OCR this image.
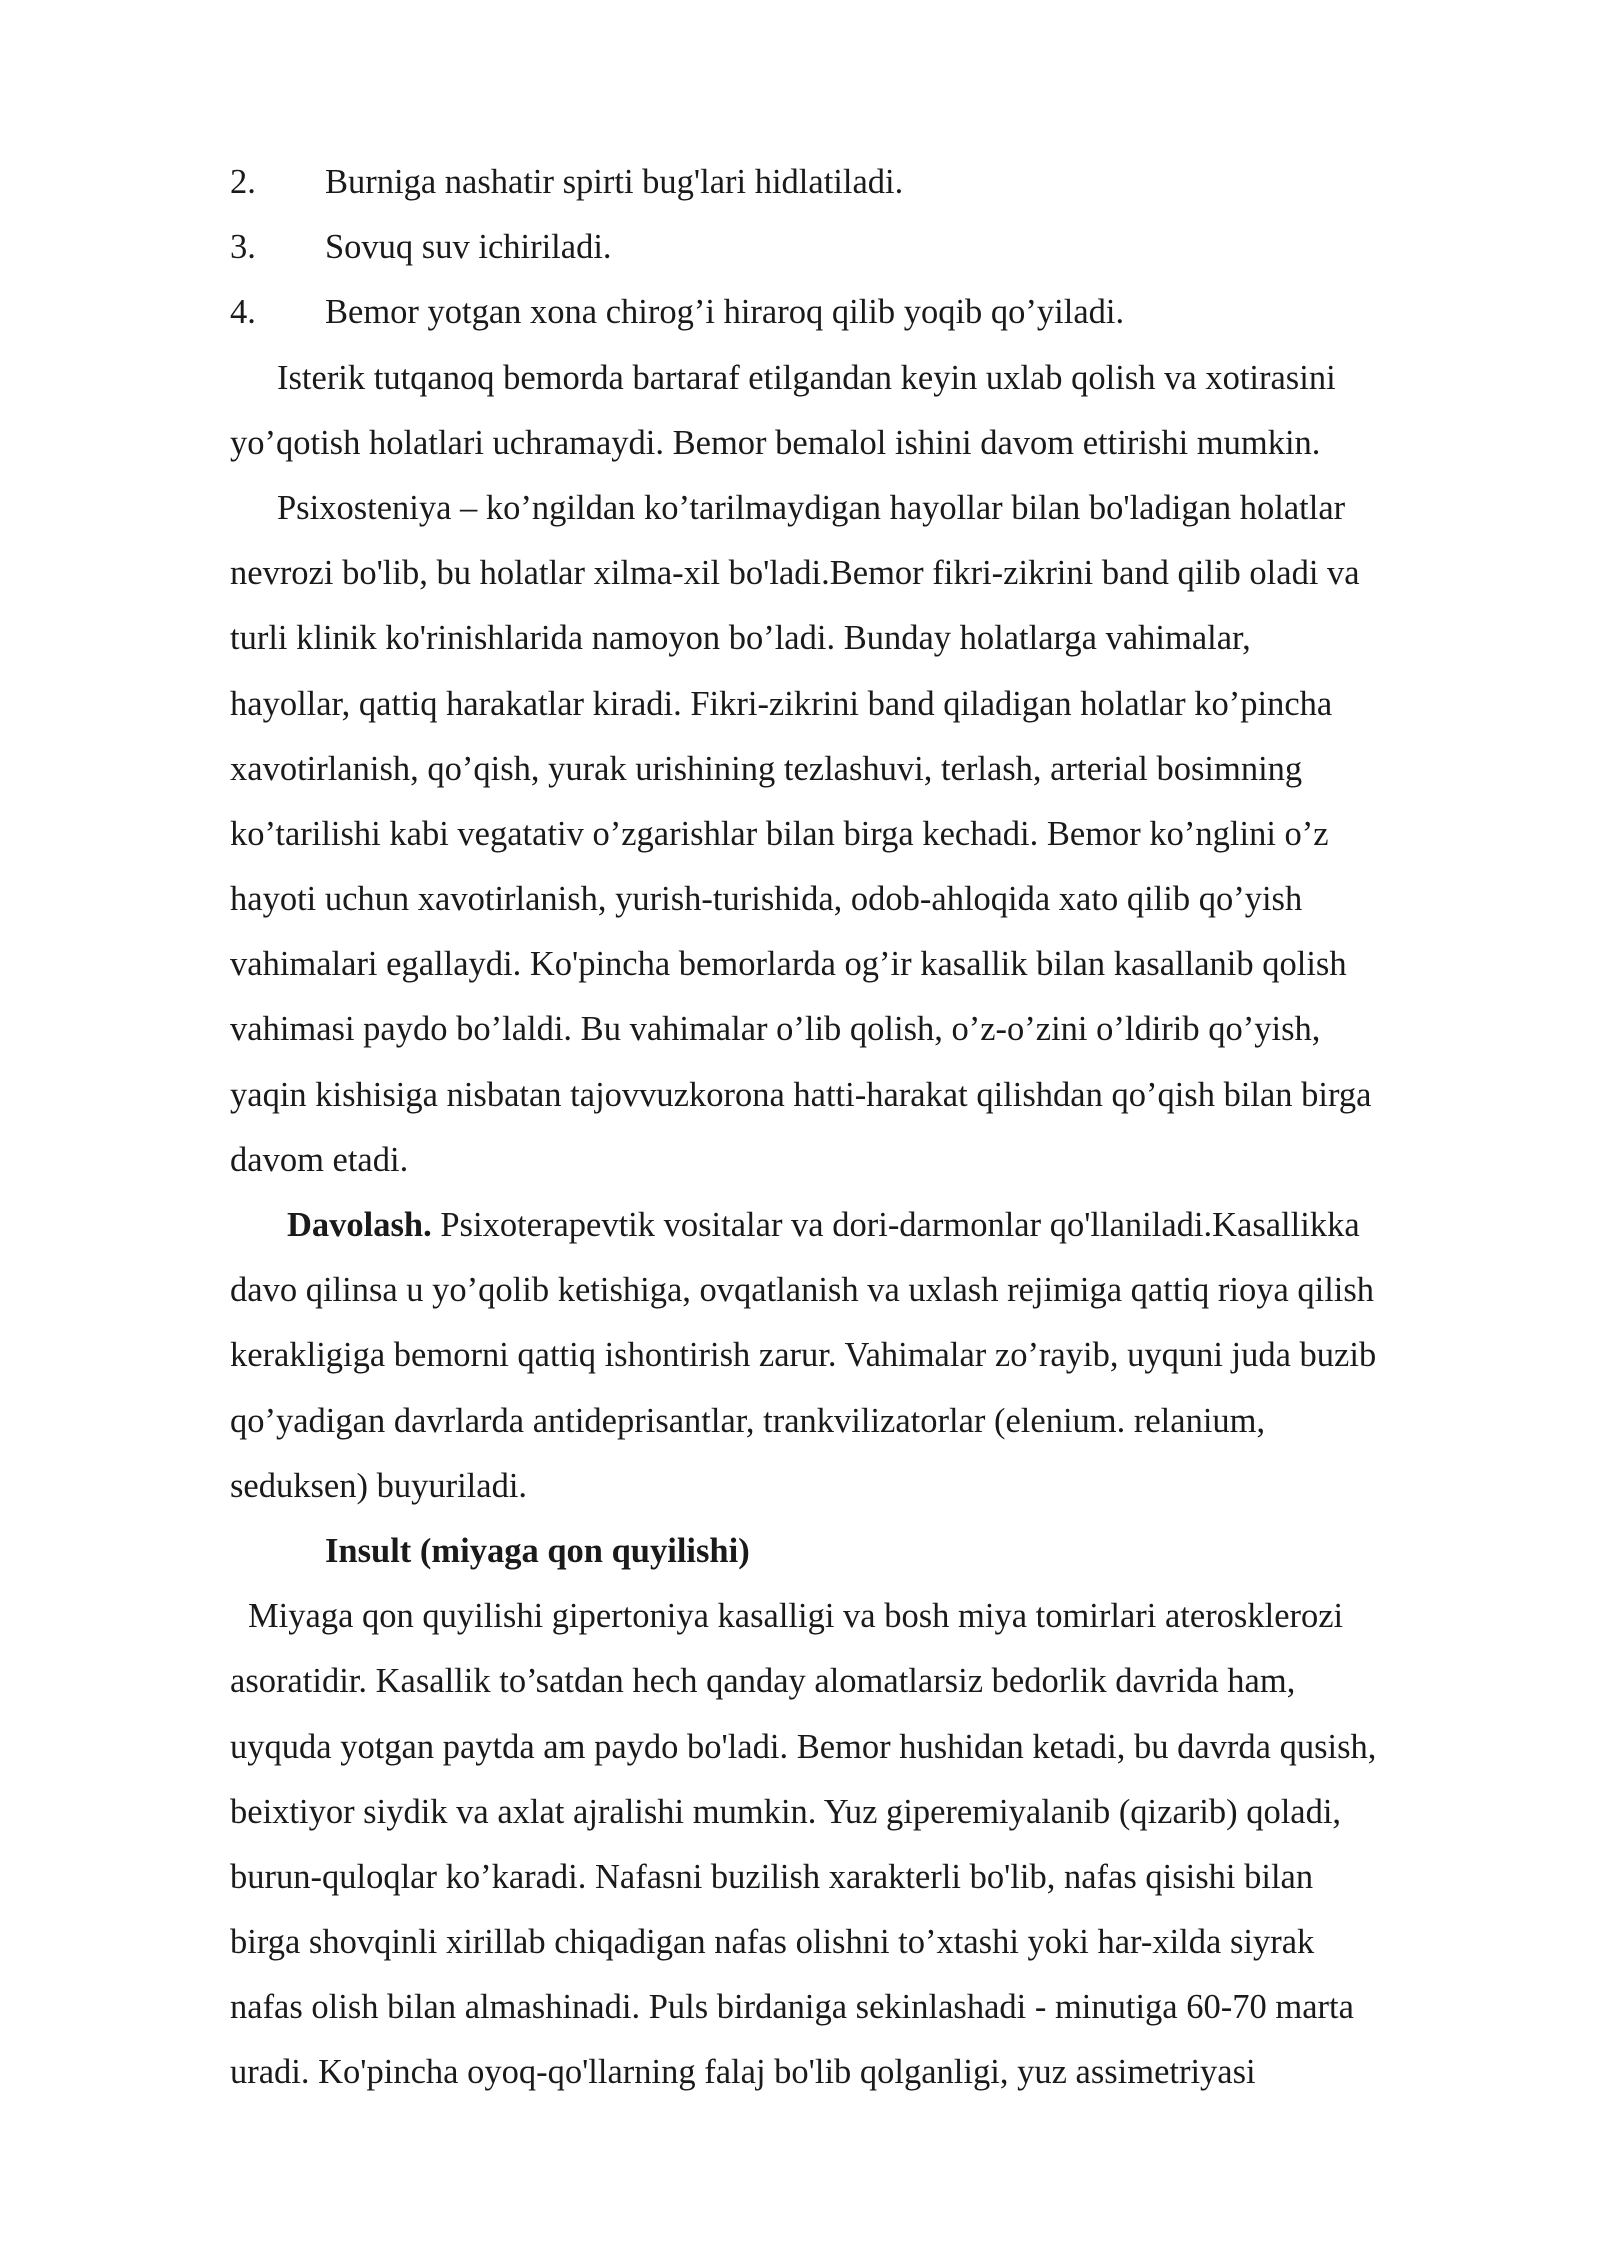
2.	Burniga nashatir spirti bug'lari hidlatiladi.
3.	Sovuq suv ichiriladi.
4.	Bemor yotgan xona chirog’i hiraroq qilib yoqib qo’yiladi.
Isterik tutqanoq bemorda bartaraf etilgandan keyin uxlab qolish va xotirasini
yo’qotish holatlari uchramaydi. Bemor bemalol ishini davom ettirishi mumkin.
Psixosteniya – ko’ngildan ko’tarilmaydigan hayollar bilan bo'ladigan holatlar
nevrozi bo'lib, bu holatlar xilma-xil bo'ladi.Bemor fikri-zikrini band qilib oladi va
turli klinik ko'rinishlarida namoyon bo’ladi. Bunday holatlarga vahimalar,
hayollar, qattiq harakatlar kiradi. Fikri-zikrini band qiladigan holatlar ko’pincha
xavotirlanish, qo’qish, yurak urishining tezlashuvi, terlash, arterial bosimning
ko’tarilishi kabi vegatativ o’zgarishlar bilan birga kechadi. Bemor ko’nglini o’z
hayoti uchun xavotirlanish, yurish-turishida, odob-ahloqida xato qilib qo’yish
vahimalari egallaydi. Ko'pincha bemorlarda og’ir kasallik bilan kasallanib qolish
vahimasi paydo bo’laldi. Bu vahimalar o’lib qolish, o’z-o’zini o’ldirib qo’yish,
yaqin kishisiga nisbatan tajovvuzkorona hatti-harakat qilishdan qo’qish bilan birga
davom etadi.
Davolash. Psixoterapevtik vositalar va dori-darmonlar qo'llaniladi.Kasallikka
davo qilinsa u yo’qolib ketishiga, ovqatlanish va uxlash rejimiga qattiq rioya qilish
kerakligiga bemorni qattiq ishontirish zarur. Vahimalar zo’rayib, uyquni juda buzib
qo’yadigan davrlarda antideprisantlar, trankvilizatorlar (elenium. relanium,
seduksen) buyuriladi.
Insult (miyaga qon quyilishi)
Miyaga qon quyilishi gipertoniya kasalligi va bosh miya tomirlari aterosklerozi
asoratidir. Kasallik to’satdan hech qanday alomatlarsiz bedorlik davrida ham,
uyquda yotgan paytda am paydo bo'ladi. Bemor hushidan ketadi, bu davrda qusish,
beixtiyor siydik va axlat ajralishi mumkin. Yuz giperemiyalanib (qizarib) qoladi,
burun-quloqlar ko’karadi. Nafasni buzilish xarakterli bo'lib, nafas qisishi bilan
birga shovqinli xirillab chiqadigan nafas olishni to’xtashi yoki har-xilda siyrak
nafas olish bilan almashinadi. Puls birdaniga sekinlashadi - minutiga 60-70 marta
uradi. Ko'pincha oyoq-qo'llarning falaj bo'lib qolganligi, yuz assimetriyasi
